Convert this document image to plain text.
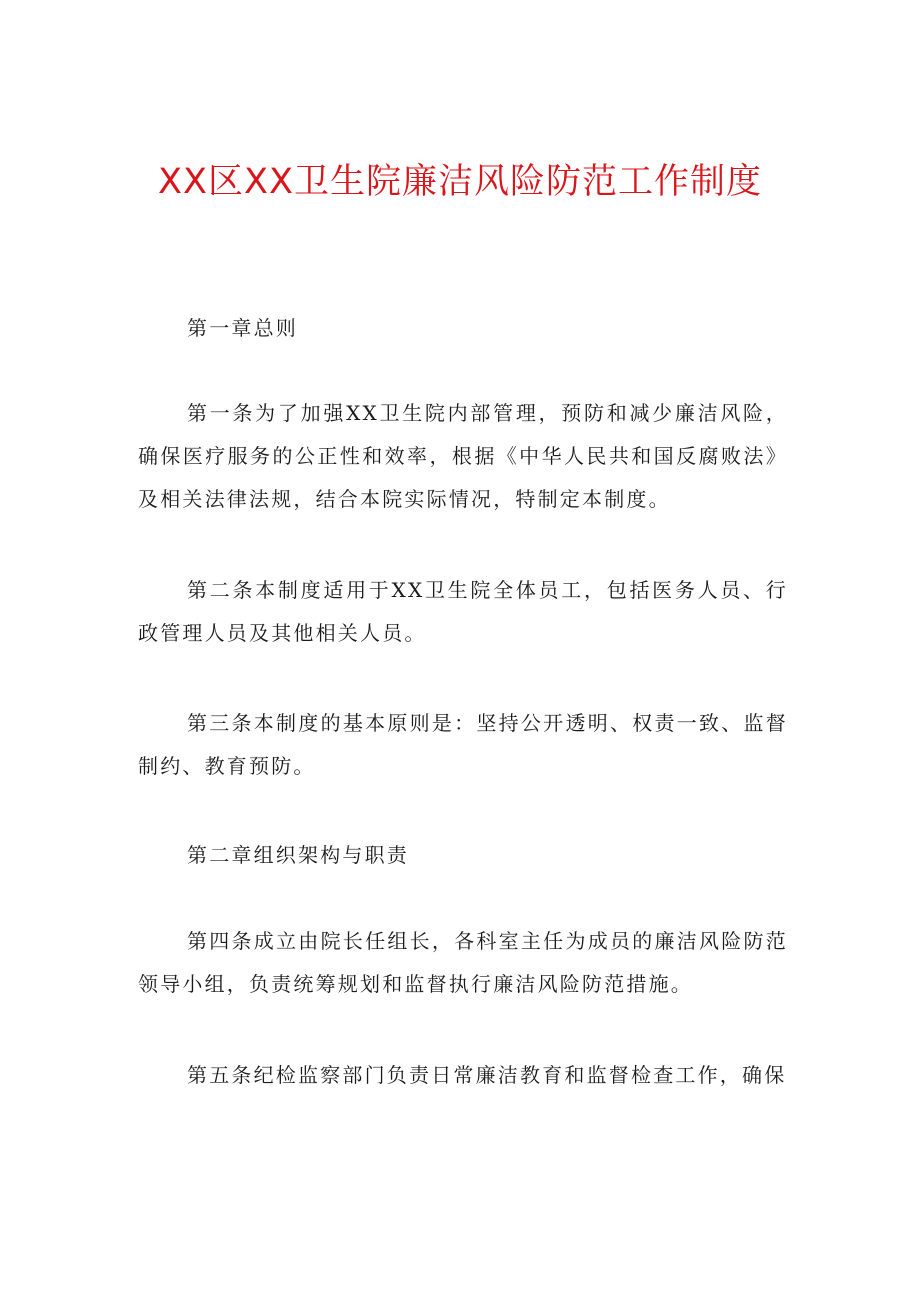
XX区XX卫生院廉洁风险防范工作制度
第一章总则
第一条为了加强XX卫生院内部管理，预防和减少廉洁风险，确保医疗服务的公正性和效率，根据《中华人民共和国反腐败法》及相关法律法规，结合本院实际情况，特制定本制度。
第二条本制度适用于XX卫生院全体员工，包括医务人员、行政管理人员及其他相关人员。
第三条本制度的基本原则是：坚持公开透明、权责一致、监督制约、教育预防。
第二章组织架构与职责
第四条成立由院长任组长，各科室主任为成员的廉洁风险防范领导小组，负责统筹规划和监督执行廉洁风险防范措施。
第五条纪检监察部门负责日常廉洁教育和监督检查工作，确保
